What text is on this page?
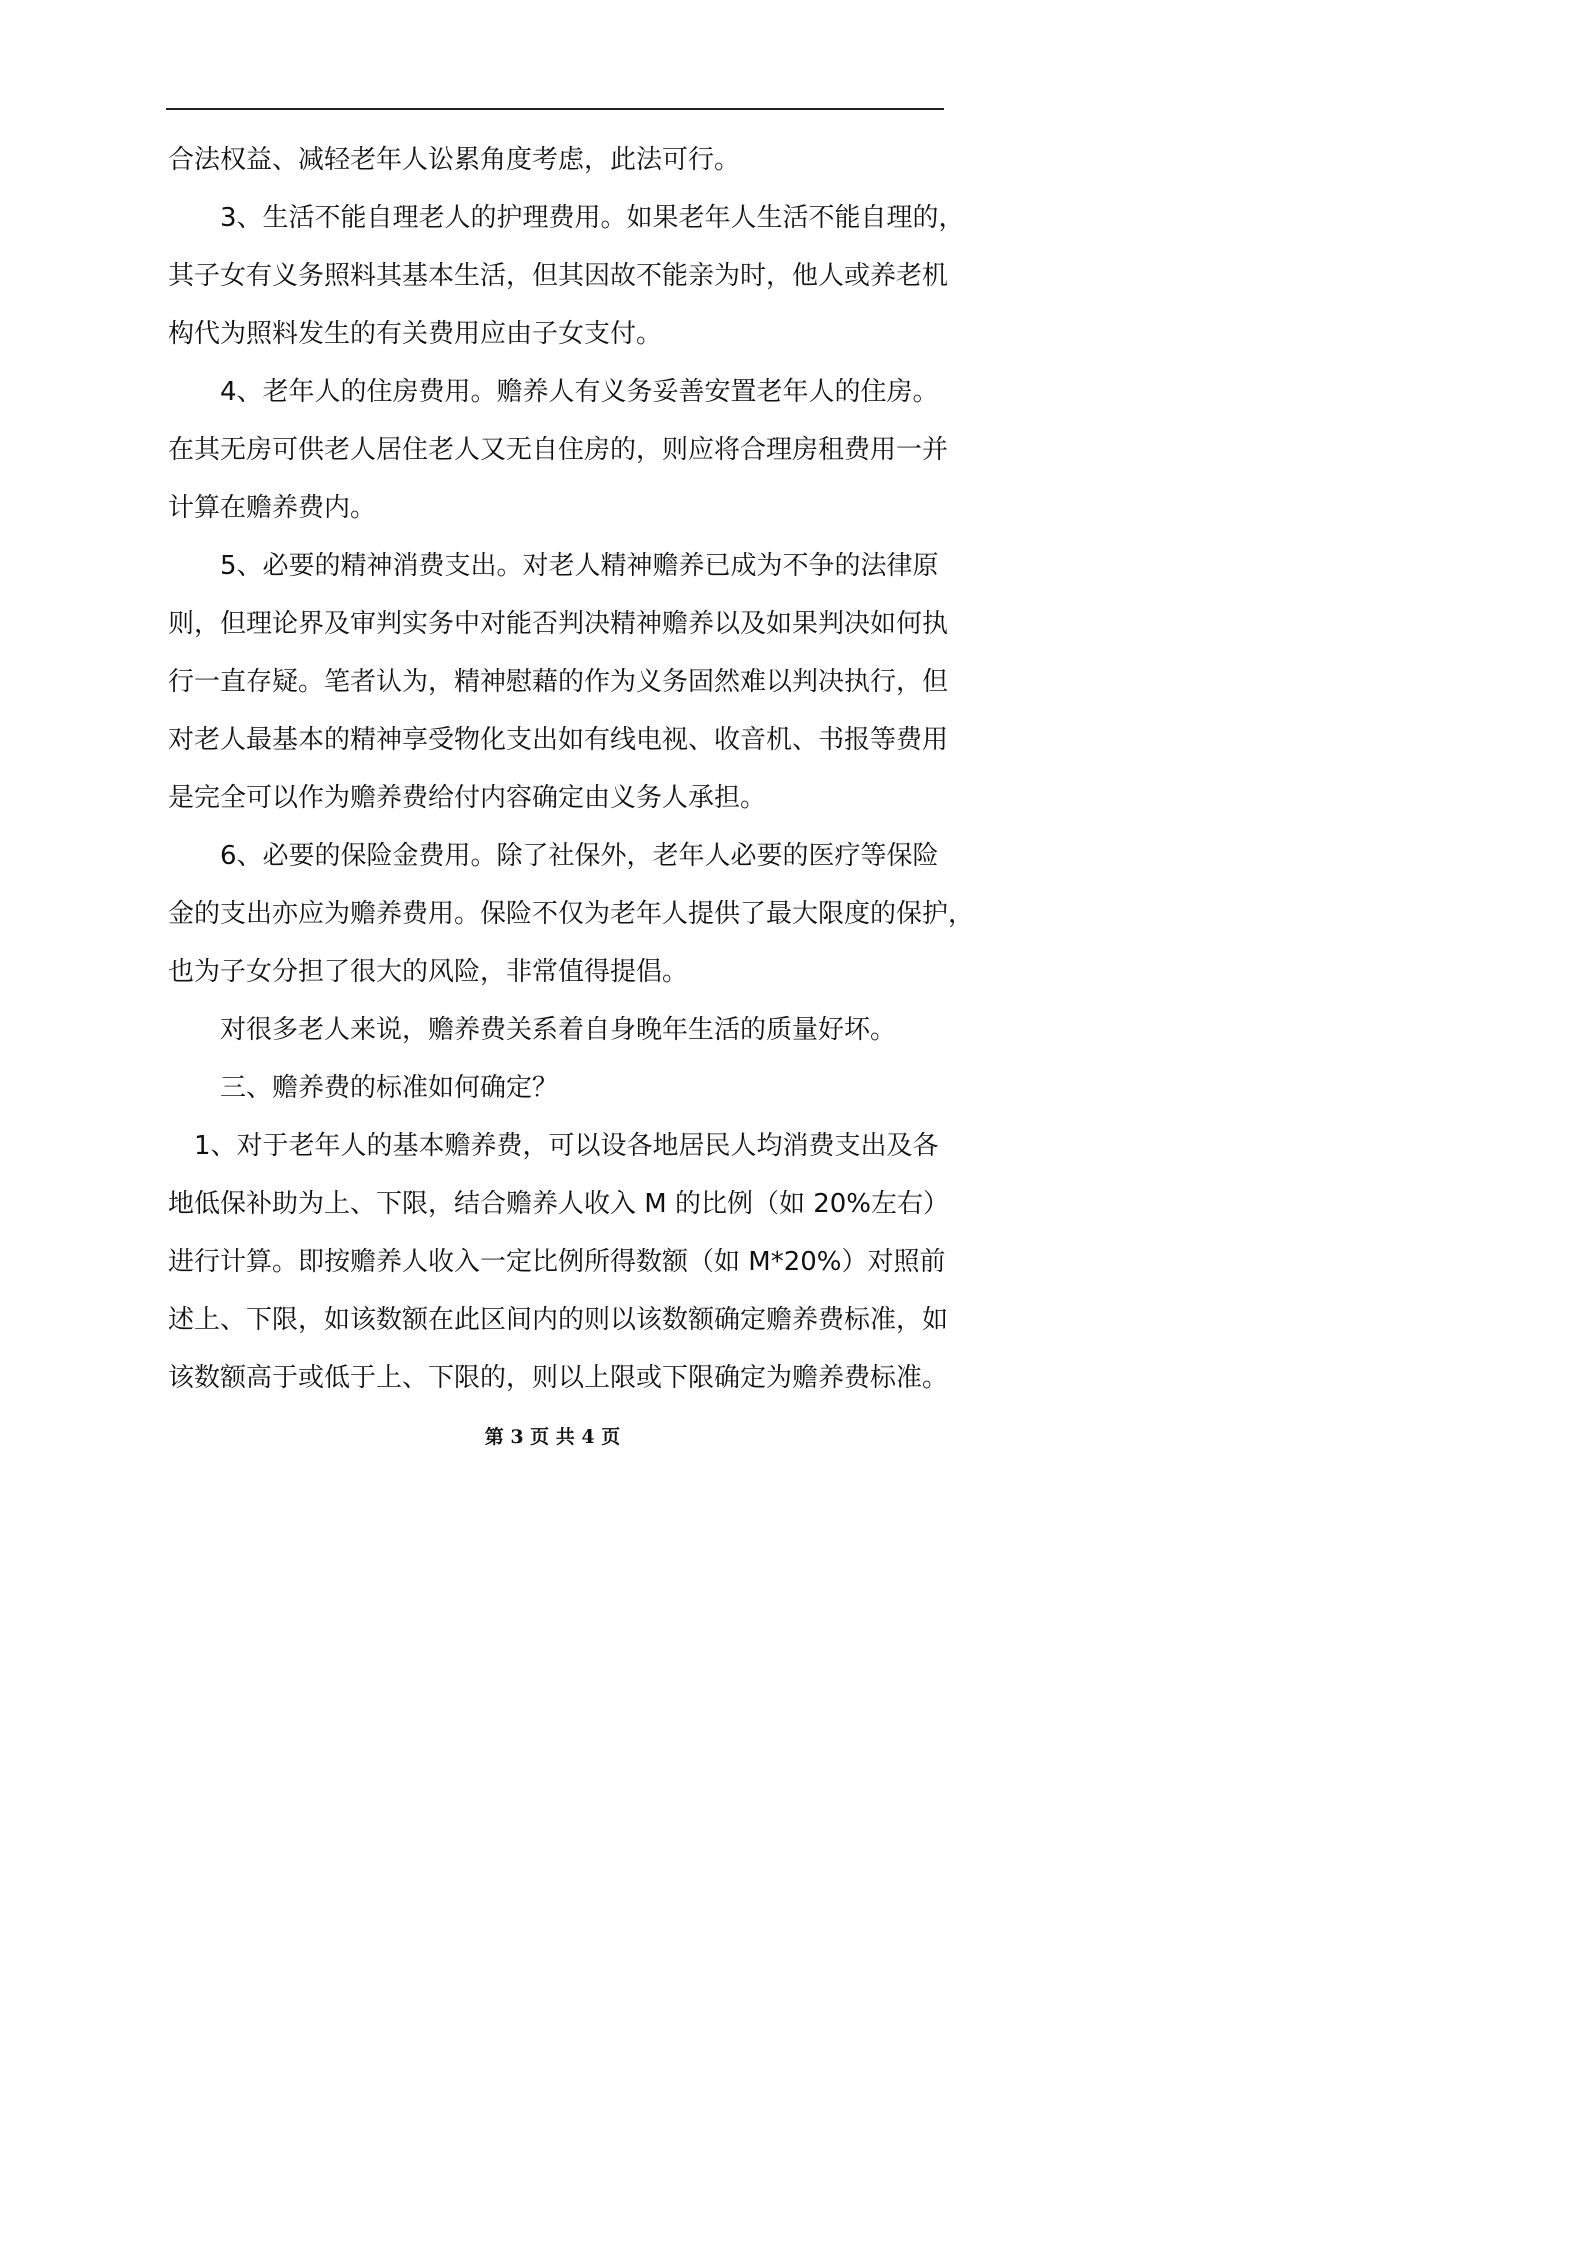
合法权益、减轻老年人讼累角度考虑，此法可行。
3、生活不能自理老人的护理费用。如果老年人生活不能自理的，
其子女有义务照料其基本生活，但其因故不能亲为时，他人或养老机
构代为照料发生的有关费用应由子女支付。
4、老年人的住房费用。赡养人有义务妥善安置老年人的住房。
在其无房可供老人居住老人又无自住房的，则应将合理房租费用一并
计算在赡养费内。
5、必要的精神消费支出。对老人精神赡养已成为不争的法律原
则，但理论界及审判实务中对能否判决精神赡养以及如果判决如何执
行一直存疑。笔者认为，精神慰藉的作为义务固然难以判决执行，但
对老人最基本的精神享受物化支出如有线电视、收音机、书报等费用
是完全可以作为赡养费给付内容确定由义务人承担。
6、必要的保险金费用。除了社保外，老年人必要的医疗等保险
金的支出亦应为赡养费用。保险不仅为老年人提供了最大限度的保护，
也为子女分担了很大的风险，非常值得提倡。
对很多老人来说，赡养费关系着自身晚年生活的质量好坏。
三、赡养费的标准如何确定？
1、对于老年人的基本赡养费，可以设各地居民人均消费支出及各
地低保补助为上、下限，结合赡养人收入 M 的比例（如 20%左右）
进行计算。即按赡养人收入一定比例所得数额（如 M*20%）对照前
述上、下限，如该数额在此区间内的则以该数额确定赡养费标准，如
该数额高于或低于上、下限的，则以上限或下限确定为赡养费标准。
第 3 页 共 4 页
